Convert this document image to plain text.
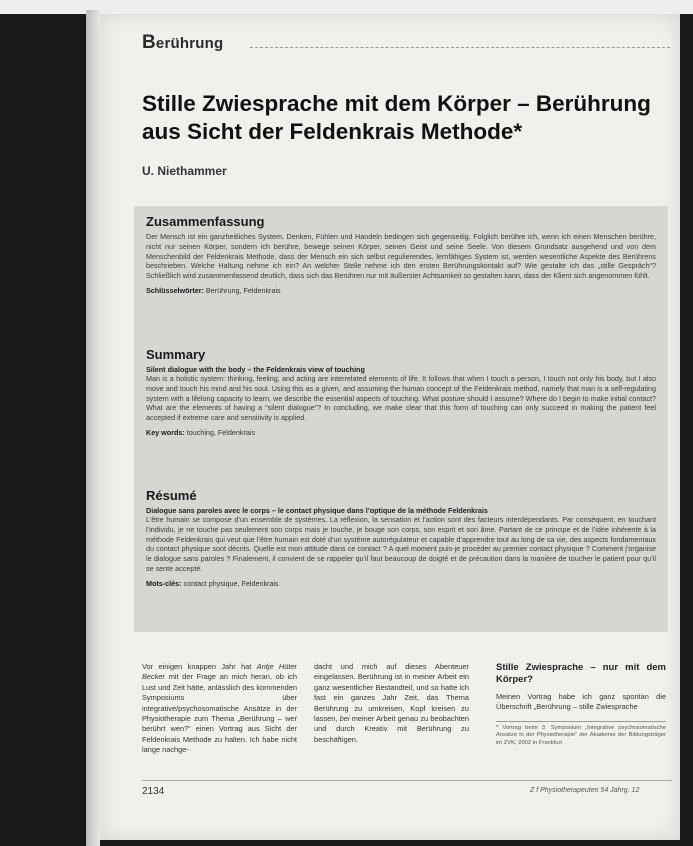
Berührung
Stille Zwiesprache mit dem Körper – Berührung aus Sicht der Feldenkrais Methode*
U. Niethammer
Zusammenfassung

Der Mensch ist ein ganzheitliches System. Denken, Fühlen und Handeln bedingen sich gegenseitig. Folglich berühre ich, wenn ich einen Menschen berühre, nicht nur seinen Körper, sondern ich berühre, bewege seinen Körper, seinen Geist und seine Seele. Von diesem Grundsatz ausgehend und von dem Menschenbild der Feldenkrais Methode, dass der Mensch ein sich selbst regulierendes, lernfähiges System ist, werden wesentliche Aspekte des Berührens beschrieben. Welche Haltung nehme ich ein? An welcher Stelle nehme ich den ersten Berührungskontakt auf? Wie gestalte ich das „stille Gespräch“? Schließlich wird zusammenfassend deutlich, dass sich das Berühren nur mit äußerster Achtsamkeit so gestalten kann, dass der Klient sich angenommen fühlt.

Schlüsselwörter: Berührung, Feldenkrais
Summary

Silent dialogue with the body – the Feldenkrais view of touching

Man is a holistic system: thinking, feeling, and acting are interrelated elements of life. It follows that when I touch a person, I touch not only his body, but I also move and touch his mind and his soul. Using this as a given, and assuming the human concept of the Feldenkrais method, namely that man is a self-regulating system with a lifelong capacity to learn, we describe the essential aspects of touching. What posture should I assume? Where do I begin to make initial contact? What are the elements of having a “silent dialogue”? In concluding, we make clear that this form of touching can only succeed in making the patient feel accepted if extreme care and sensitivity is applied.

Key words: touching, Feldenkrais
Résumé

Dialogue sans paroles avec le corps – le contact physique dans l’optique de la méthode Feldenkrais

L’être humain se compose d’un ensemble de systèmes. La réflexion, la sensation et l’action sont des facteurs interdépendants. Par conséquent, en touchant l’individu, je ne touche pas seulement son corps mais je touche, je bouge son corps, son esprit et son âme. Partant de ce principe et de l’idée inhérente à la méthode Feldenkrais qui veut que l’être humain est doté d’un système autorégulateur et capable d’apprendre tout au long de sa vie, des aspects fondamentaux du contact physique sont décrits. Quelle est mon attitude dans ce contact ? A quel moment puis-je procéder au premier contact physique ? Comment j’organise le dialogue sans paroles ? Finalement, il convient de se rappeler qu’il faut beaucoup de doigté et de précaution dans la manière de toucher le patient pour qu’il se sente accepté.

Mots-clés: contact physique, Feldenkrais
Vor einigen knappen Jahr hat Antje Hüter Becker mit der Frage an mich heran, ob ich Lust und Zeit hätte, anlässlich des kommenden Symposiums über integrative/psychosomatische Ansätze in der Physiotherapie zum Thema „Berührung – wer berührt wen?“ einen Vortrag aus Sicht der Feldenkrais Methode zu halten. Ich habe nicht lange nachge-
dacht und mich auf dieses Abenteuer eingelassen. Berührung ist in meiner Arbeit ein ganz wesentlicher Bestandteil, und so hatte ich fast ein ganzes Jahr Zeit, das Thema Berührung zu umkreisen, Kopf kreisen zu lassen, bei meiner Arbeit genau zu beobachten und durch Kreativ mit Berührung zu beschäftigen.
Stille Zwiesprache – nur mit dem Körper?
Meinen Vortrag habe ich ganz spontan die Überschrift „Berührung – stille Zwiesprache
* Vortrag beim 3. Symposium „Integrative psychosomatische Ansätze in der Physiotherapie“ der Akademie der Bildungsträger im ZVK, 2002 in Frankfurt
2134	Z f Physiotherapeuten 54 Jahrg. 12
